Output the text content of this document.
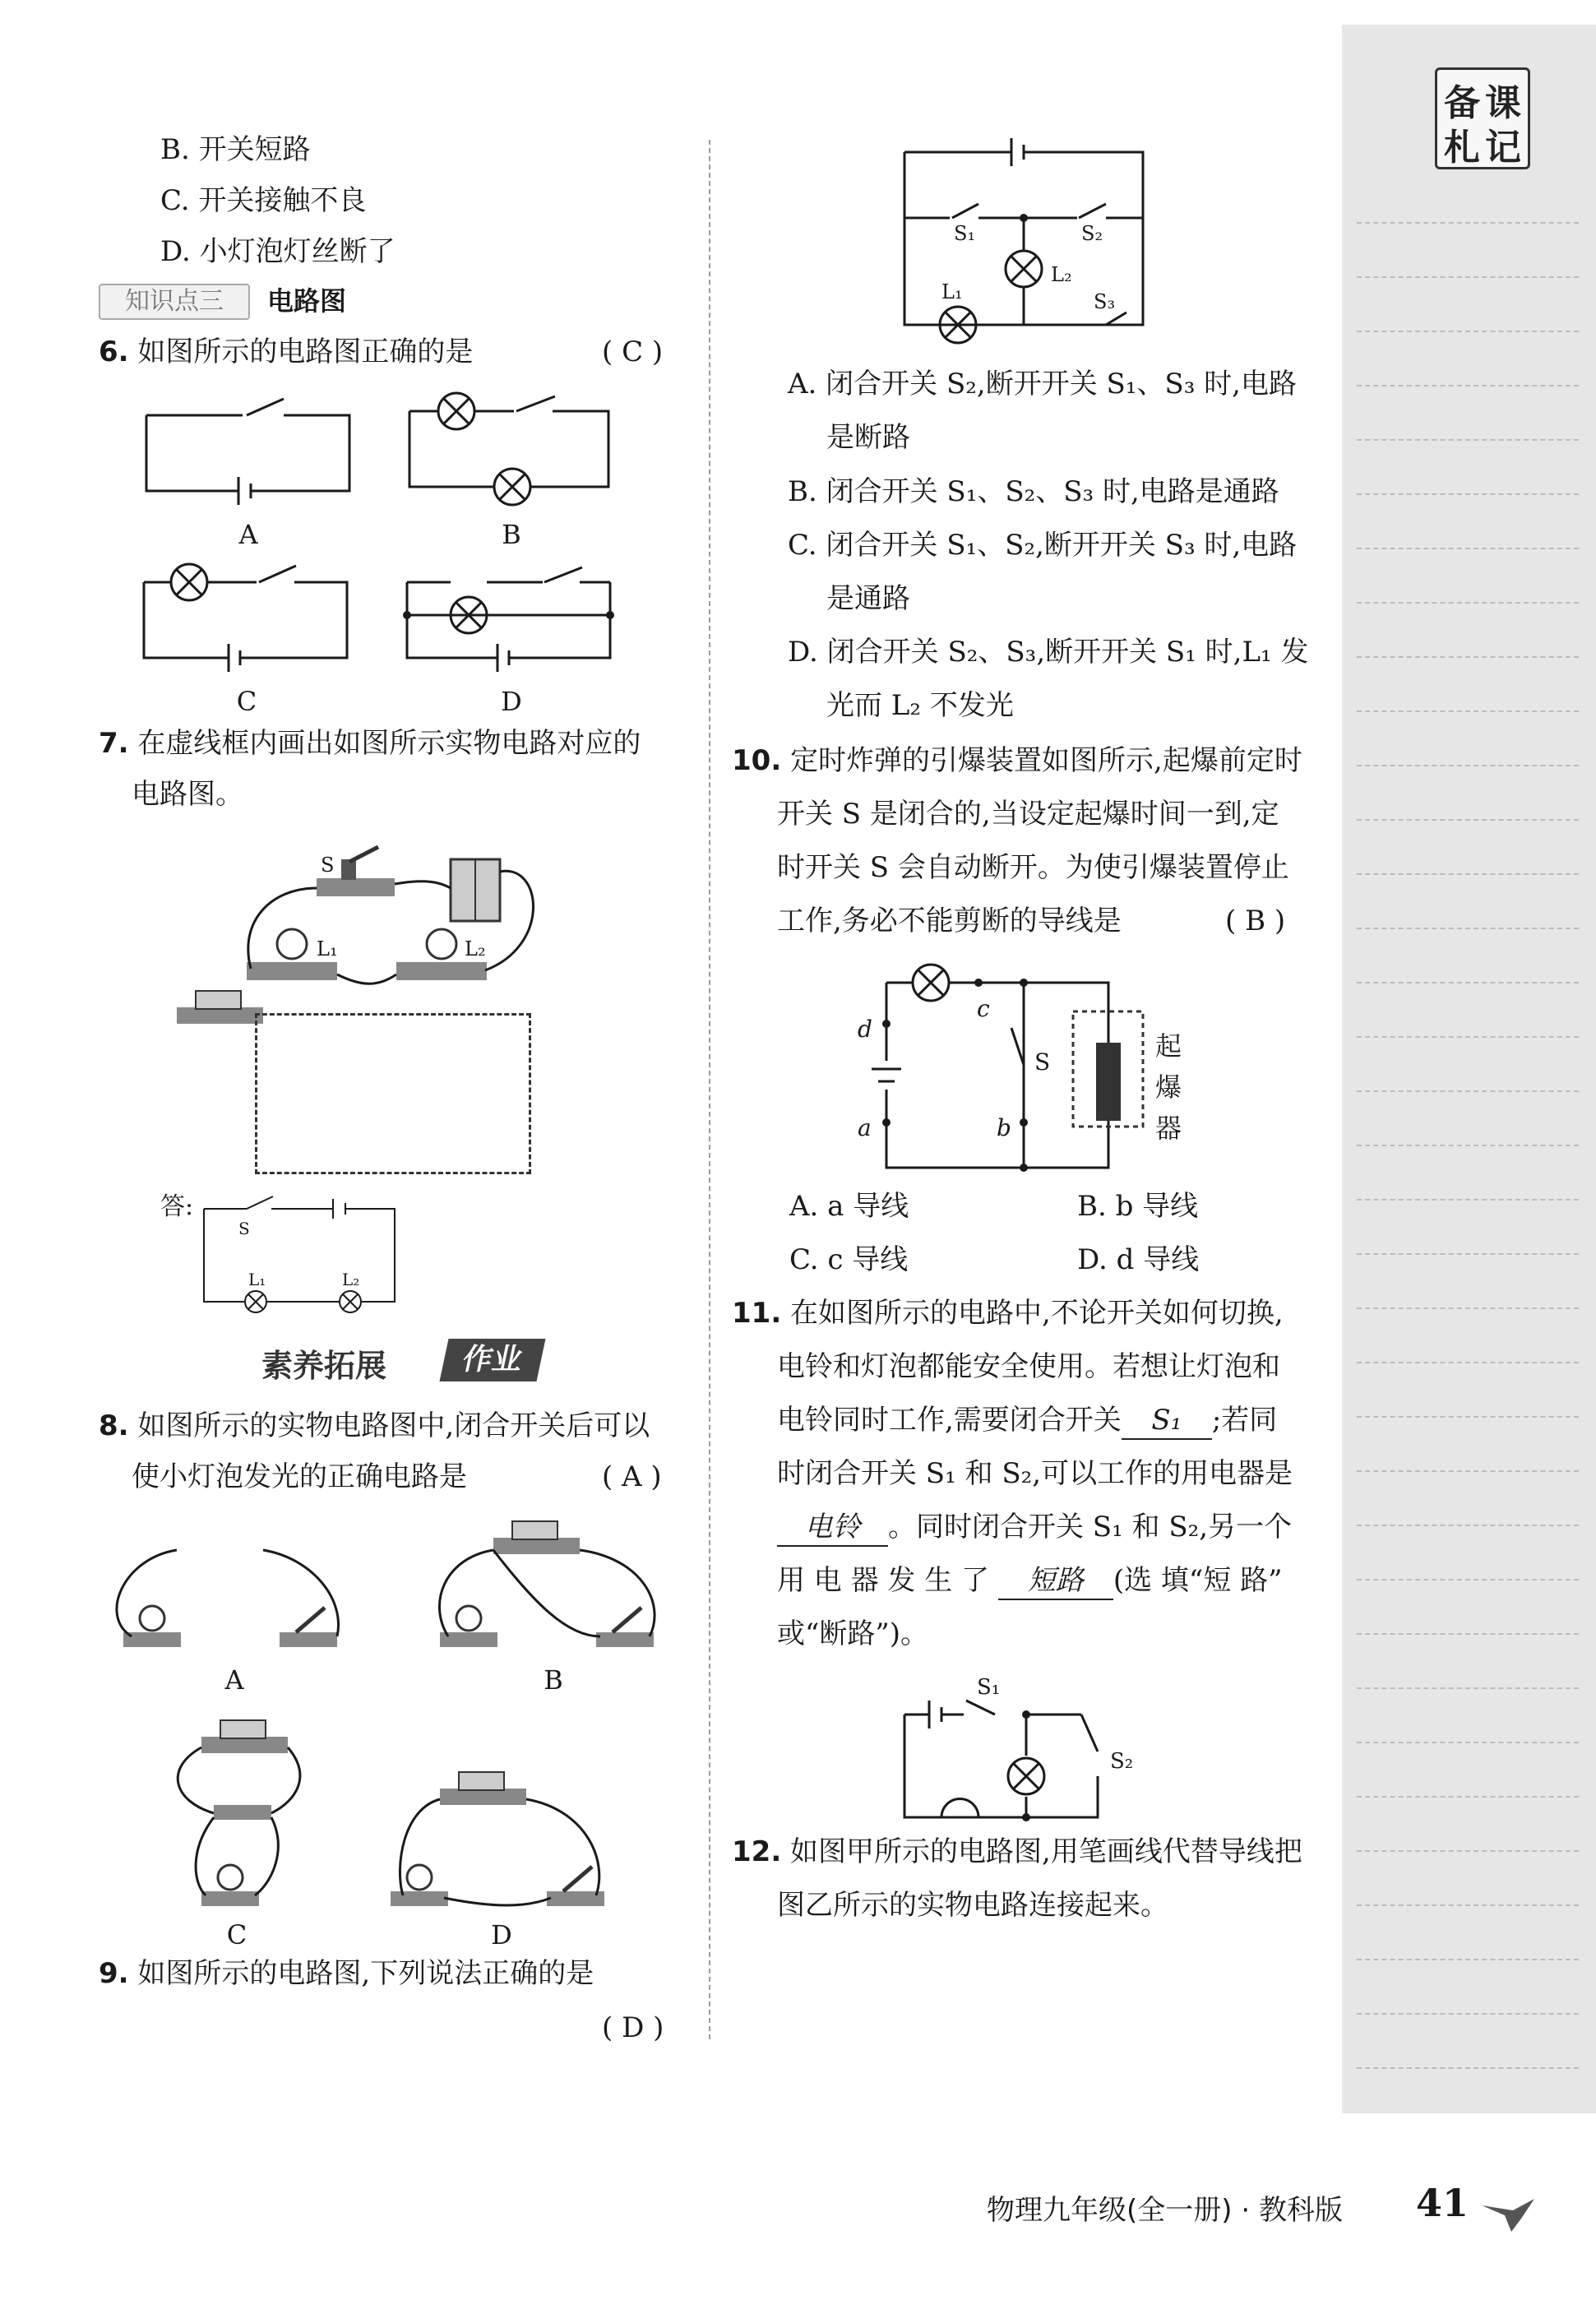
备 课
札 记
B. 开关短路
C. 开关接触不良
D. 小灯泡灯丝断了
知识点三	电路图
6. 如图所示的电路图正确的是	( C )
A	B
C	D
7. 在虚线框内画出如图所示实物电路对应的
电路图。
S
L₁	L₂
答:
S
L₁	L₂
素养拓展	作业
8. 如图所示的实物电路图中,闭合开关后可以
使小灯泡发光的正确电路是	( A )
A	B
C	D
9. 如图所示的电路图,下列说法正确的是
( D )
S₁	S₂
L₂
L₁	S₃
A. 闭合开关 S₂,断开开关 S₁、S₃ 时,电路
是断路
B. 闭合开关 S₁、S₂、S₃ 时,电路是通路
C. 闭合开关 S₁、S₂,断开开关 S₃ 时,电路
是通路
D. 闭合开关 S₂、S₃,断开开关 S₁ 时,L₁ 发
光而 L₂ 不发光
10. 定时炸弹的引爆装置如图所示,起爆前定时
开关 S 是闭合的,当设定起爆时间一到,定
时开关 S 会自动断开。为使引爆装置停止
工作,务必不能剪断的导线是	( B )
d
a
c
b
S
起
爆
器
A. a 导线	B. b 导线
C. c 导线	D. d 导线
11. 在如图所示的电路中,不论开关如何切换,
电铃和灯泡都能安全使用。若想让灯泡和
电铃同时工作,需要闭合开关 S₁ ;若同
时闭合开关 S₁ 和 S₂,可以工作的用电器是
电铃 。同时闭合开关 S₁ 和 S₂,另一个
用 电 器 发 生 了 短路 (选 填“短 路”
或“断路”)。
S₁
S₂
12. 如图甲所示的电路图,用笔画线代替导线把
图乙所示的实物电路连接起来。
物理九年级(全一册) · 教科版 41
